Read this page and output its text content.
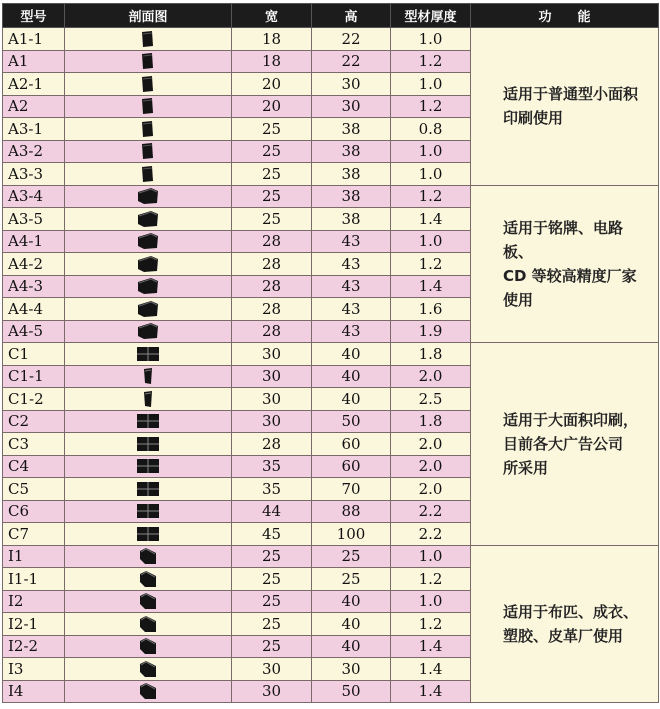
型号	剖面图	宽	高	型材厚度	功　　能
A1-1		18	22	1.0	适用于普通型小面积
印刷使用

A1		18	22	1.2	
A2-1		20	30	1.0	
A2		20	30	1.2	
A3-1		25	38	0.8	
A3-2		25	38	1.0	
A3-3		25	38	1.0	
A3-4		25	38	1.2	适用于铭牌、电路板、
CD 等较高精度厂家
使用

A3-5		25	38	1.4	
A4-1		28	43	1.0	
A4-2		28	43	1.2	
A4-3		28	43	1.4	
A4-4		28	43	1.6	
A4-5		28	43	1.9	
C1		30	40	1.8	适用于大面积印刷，
目前各大广告公司
所采用

C1-1		30	40	2.0	
C1-2		30	40	2.5	
C2		30	50	1.8	
C3		28	60	2.0	
C4		35	60	2.0	
C5		35	70	2.0	
C6		44	88	2.2	
C7		45	100	2.2	
I1		25	25	1.0	适用于布匹、成衣、
塑胶、皮革厂使用

I1-1		25	25	1.2	
I2		25	40	1.0	
I2-1		25	40	1.2	
I2-2		25	40	1.4	
I3		30	30	1.4	
I4		30	50	1.4	
